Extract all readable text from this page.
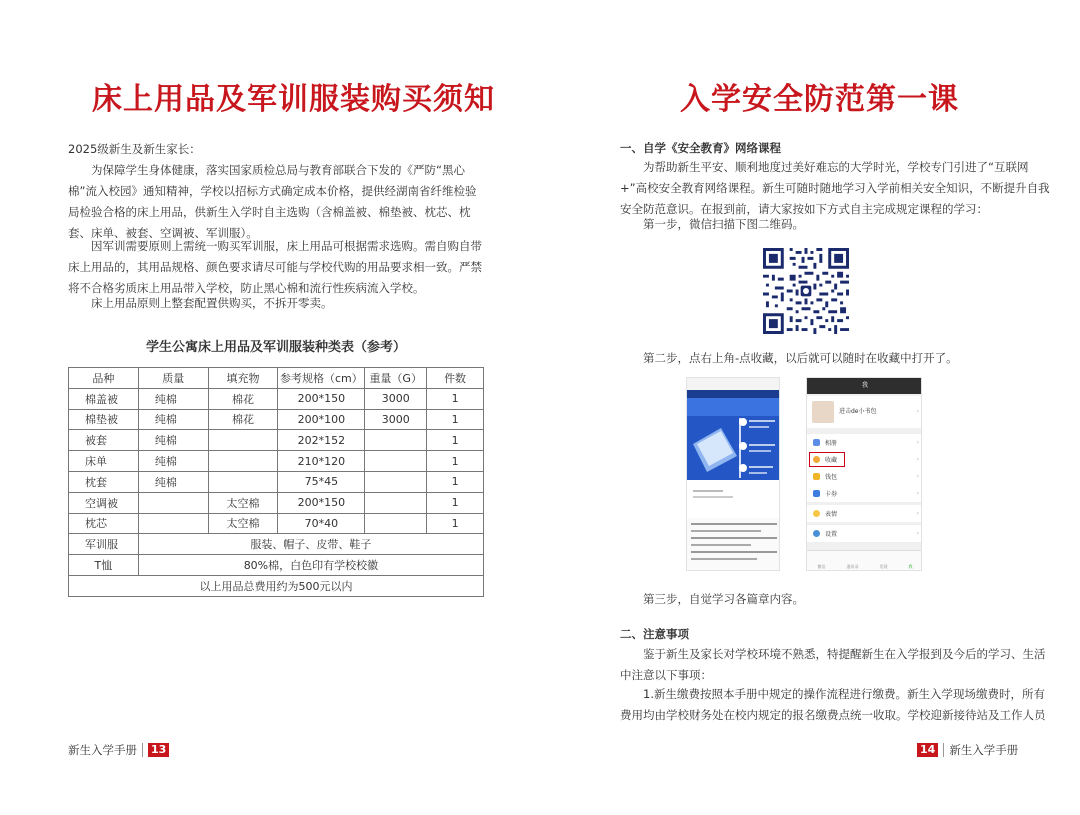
床上用品及军训服装购买须知
2025级新生及新生家长：
为保障学生身体健康，落实国家质检总局与教育部联合下发的《严防“黑心棉”流入校园》通知精神，学校以招标方式确定成本价格，提供经湖南省纤维检验局检验合格的床上用品，供新生入学时自主选购（含棉盖被、棉垫被、枕芯、枕套、床单、被套、空调被、军训服）。
因军训需要原则上需统一购买军训服，床上用品可根据需求选购。需自购自带床上用品的，其用品规格、颜色要求请尽可能与学校代购的用品要求相一致。严禁将不合格劣质床上用品带入学校，防止黑心棉和流行性疾病流入学校。
床上用品原则上整套配置供购买，不拆开零卖。
学生公寓床上用品及军训服装种类表（参考）
品种	质量	填充物	参考规格（cm）	重量（G）	件数
棉盖被	纯棉	棉花	200*150	3000	1
棉垫被	纯棉	棉花	200*100	3000	1
被套	纯棉		202*152		1
床单	纯棉		210*120		1
枕套	纯棉		75*45		1
空调被		太空棉	200*150		1
枕芯		太空棉	70*40		1
军训服	服装、帽子、皮带、鞋子				
T恤	80%棉，白色印有学校校徽				
以上用品总费用约为500元以内					
新生入学手册 13
入学安全防范第一课
一、自学《安全教育》网络课程
为帮助新生平安、顺利地度过美好难忘的大学时光，学校专门引进了“互联网+”高校安全教育网络课程。新生可随时随地学习入学前相关安全知识，不断提升自我安全防范意识。在报到前，请大家按如下方式自主完成规定课程的学习：
第一步，微信扫描下图二维码。
第二步，点右上角-点收藏，以后就可以随时在收藏中打开了。
我
进击de小书包	›
相册	›
收藏	›
钱包	›
卡券	›
表情	›
设置	›
微信	通讯录	发现	我
第三步，自觉学习各篇章内容。
二、注意事项
鉴于新生及家长对学校环境不熟悉，特提醒新生在入学报到及今后的学习、生活中注意以下事项：
1.新生缴费按照本手册中规定的操作流程进行缴费。新生入学现场缴费时，所有费用均由学校财务处在校内规定的报名缴费点统一收取。学校迎新接待站及工作人员
14 新生入学手册
